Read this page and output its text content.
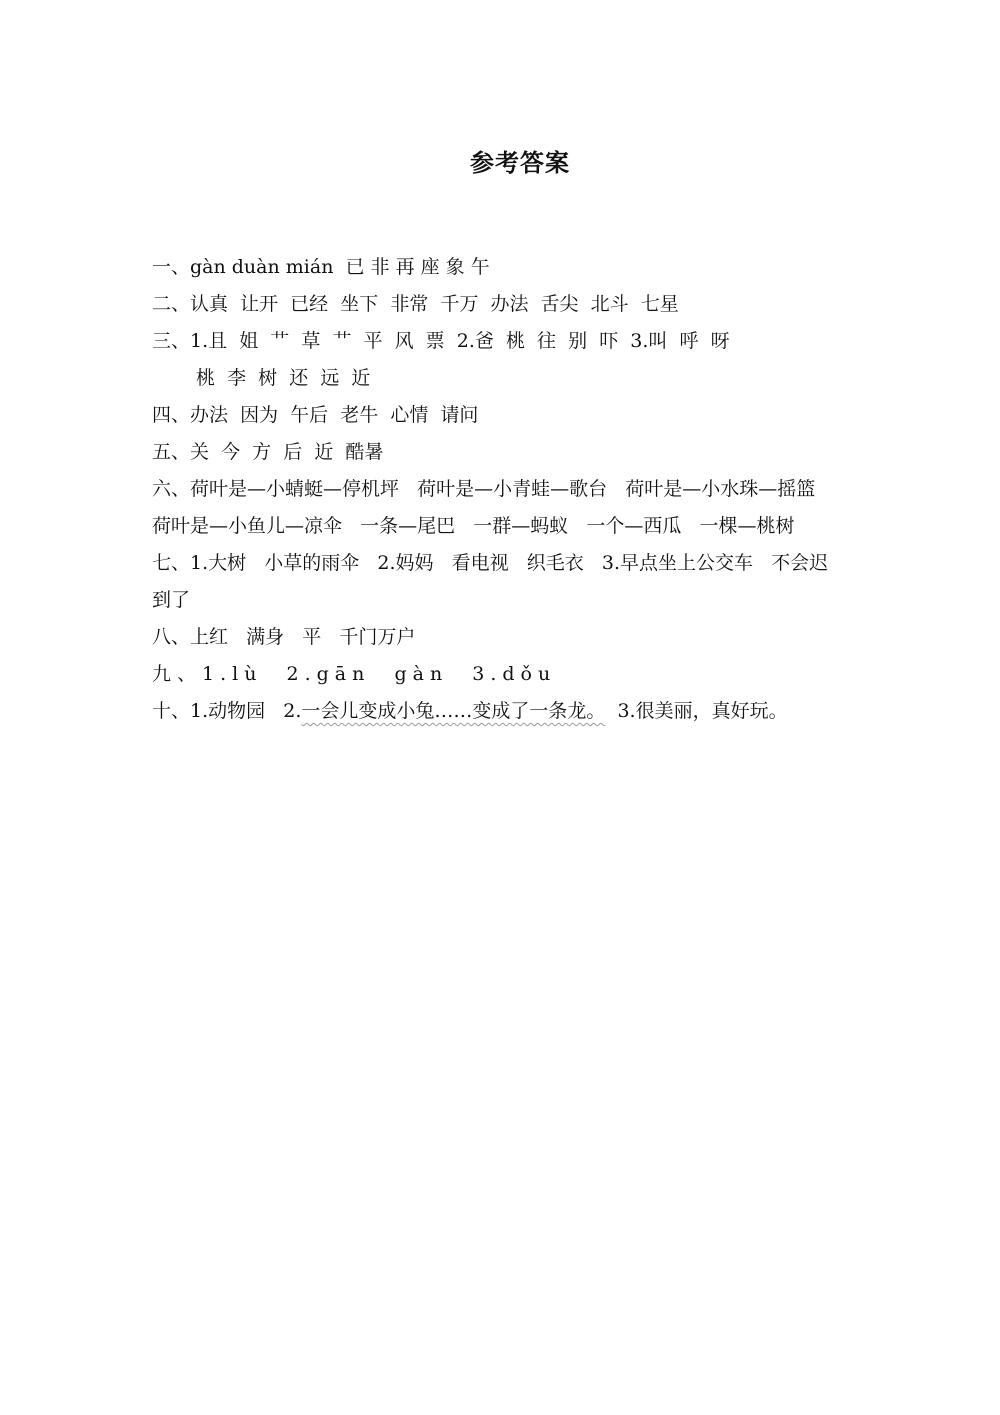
参考答案
一、gàn duàn mián  已 非 再 座 象 午
二、认真  让开  已经  坐下  非常  千万  办法  舌尖  北斗  七星
三、1.且  姐  艹  草  艹  平  风  票  2.爸  桃  往  别  吓  3.叫  呼  呀
桃  李  树  还  远  近
四、办法  因为  午后  老牛  心情  请问
五、关  今  方  后  近  酷暑
六、荷叶是—小蜻蜓—停机坪   荷叶是—小青蛙—歌台   荷叶是—小水珠—摇篮
荷叶是—小鱼儿—凉伞   一条—尾巴   一群—蚂蚁   一个—西瓜   一棵—桃树
七、1.大树   小草的雨伞   2.妈妈   看电视   织毛衣   3.早点坐上公交车   不会迟
到了
八、上红   满身   平   千门万户
九、1.lù  2.gān  gàn  3.dǒu
十、1.动物园   2.一会儿变成小兔……变成了一条龙。  3.很美丽，真好玩。
